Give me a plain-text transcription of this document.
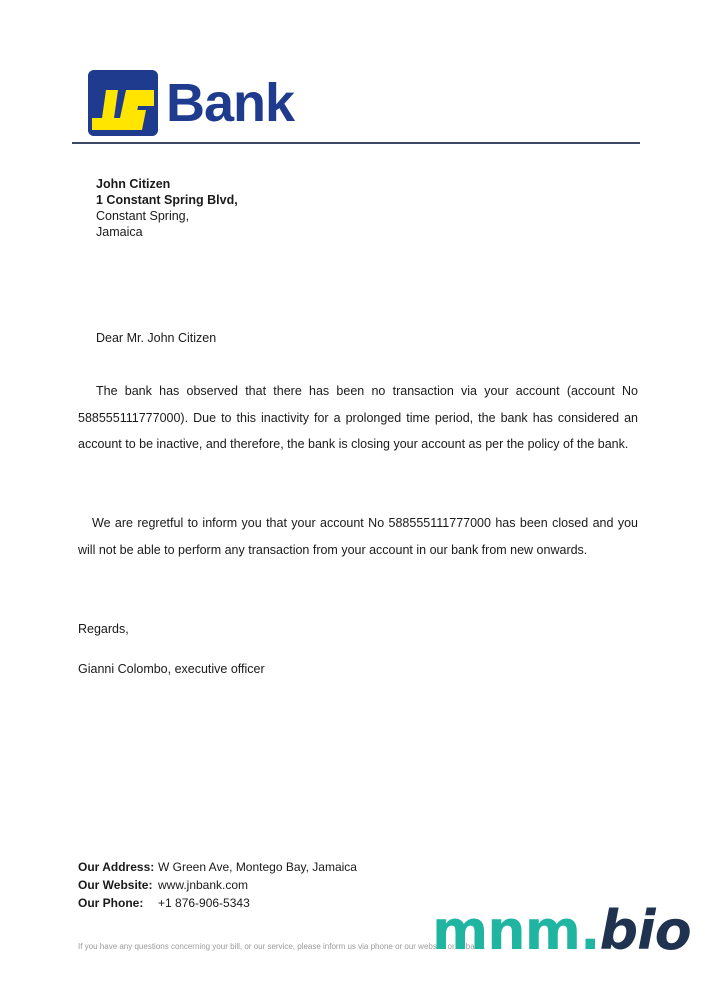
Bank
John Citizen
1 Constant Spring Blvd,
Constant Spring,
Jamaica
Dear Mr. John Citizen

The bank has observed that there has been no transaction via your account (account No 588555111777000). Due to this inactivity for a prolonged time period, the bank has considered an account to be inactive, and therefore, the bank is closing your account as per the policy of the bank.

We are regretful to inform you that your account No 588555111777000 has been closed and you will not be able to perform any transaction from your account in our bank from new onwards.

Regards,
Gianni Colombo, executive officer
Our Address: W Green Ave, Montego Bay, Jamaica
Our Website: www.jnbank.com
Our Phone:	+1 876-906-5343
If you have any questions concerning your bill, or our service, please inform us via phone or our website or at bank.
mnm.bio
